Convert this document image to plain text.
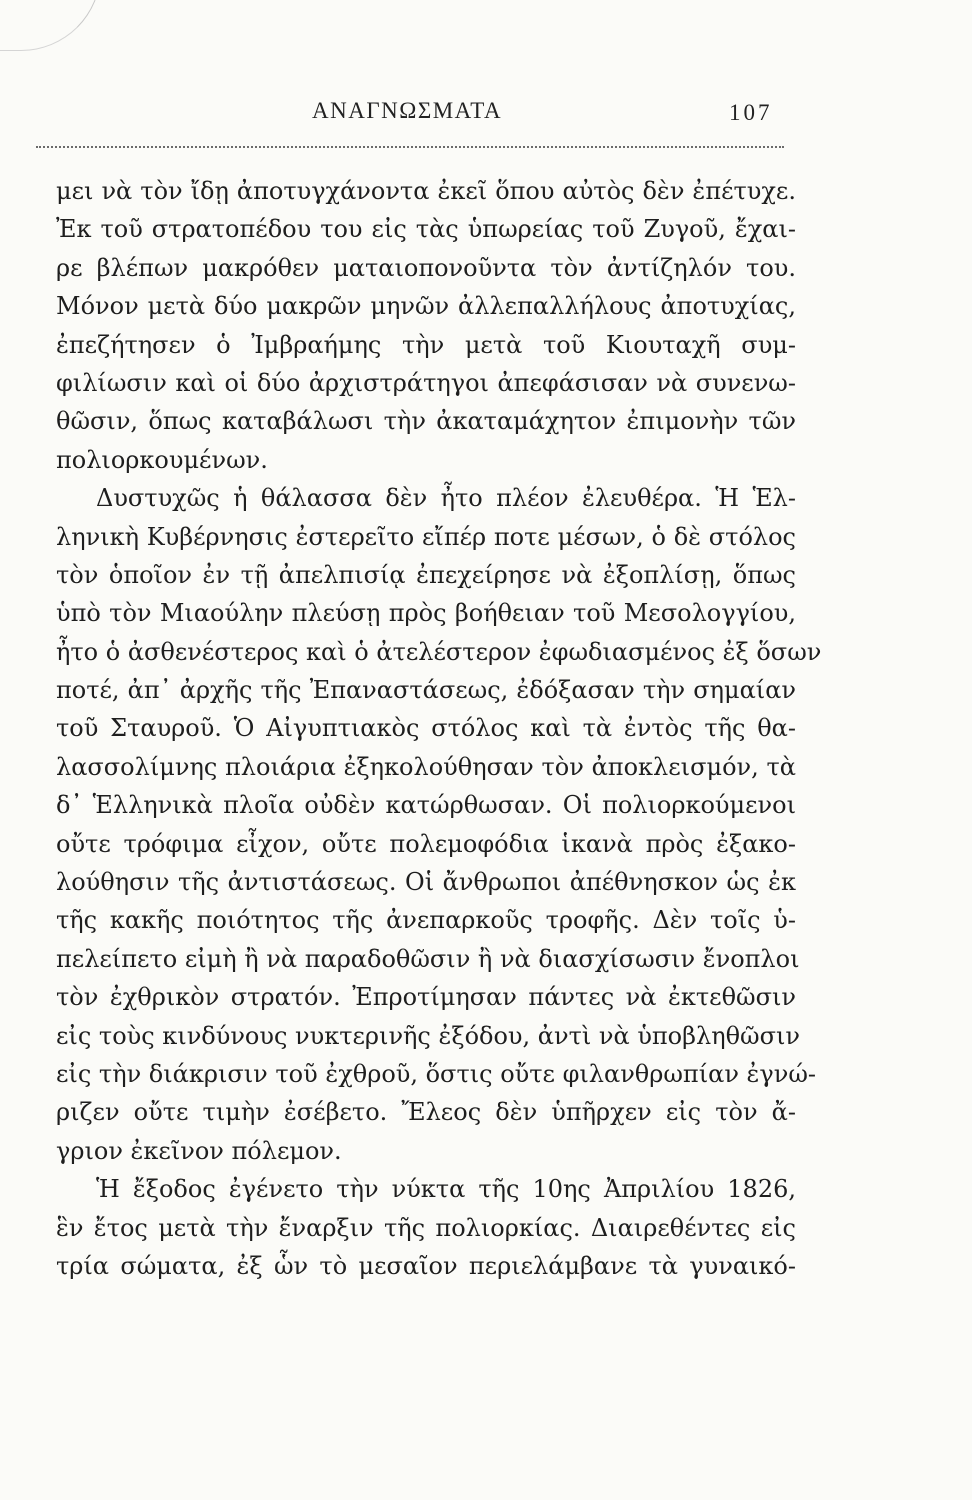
ΑΝΑΓΝΩΣΜΑΤΑ	107
μει νὰ τὸν ἴδῃ ἀποτυγχάνοντα ἐκεῖ ὅπου αὐτὸς δὲν ἐπέτυχε.
Ἐκ τοῦ στρατοπέδου του εἰς τὰς ὑπωρείας τοῦ Ζυγοῦ, ἔχαι-
ρε βλέπων μακρόθεν ματαιοπονοῦντα τὸν ἀντίζηλόν του.
Μόνον μετὰ δύο μακρῶν μηνῶν ἀλλεπαλλήλους ἀποτυχίας,
ἐπεζήτησεν ὁ Ἰμβραήμης τὴν μετὰ τοῦ Κιουταχῆ συμ-
φιλίωσιν καὶ οἱ δύο ἀρχιστράτηγοι ἀπεφάσισαν νὰ συνενω-
θῶσιν, ὅπως καταβάλωσι τὴν ἀκαταμάχητον ἐπιμονὴν τῶν
πολιορκουμένων.
Δυστυχῶς ἡ θάλασσα δὲν ἦτο πλέον ἐλευθέρα. Ἡ Ἑλ-
ληνικὴ Κυβέρνησις ἐστερεῖτο εἴπέρ ποτε μέσων, ὁ δὲ στόλος
τὸν ὁποῖον ἐν τῇ ἀπελπισίᾳ ἐπεχείρησε νὰ ἐξοπλίσῃ, ὅπως
ὑπὸ τὸν Μιαούλην πλεύσῃ πρὸς βοήθειαν τοῦ Μεσολογγίου,
ἦτο ὁ ἀσθενέστερος καὶ ὁ ἀτελέστερον ἐφωδιασμένος ἐξ ὅσων
ποτέ, ἀπ᾽ ἀρχῆς τῆς Ἐπαναστάσεως, ἐδόξασαν τὴν σημαίαν
τοῦ Σταυροῦ. Ὁ Αἰγυπτιακὸς στόλος καὶ τὰ ἐντὸς τῆς θα-
λασσολίμνης πλοιάρια ἐξηκολούθησαν τὸν ἀποκλεισμόν, τὰ
δ᾽ Ἑλληνικὰ πλοῖα οὐδὲν κατώρθωσαν. Οἱ πολιορκούμενοι
οὔτε τρόφιμα εἶχον, οὔτε πολεμοφόδια ἱκανὰ πρὸς ἐξακο-
λούθησιν τῆς ἀντιστάσεως. Οἱ ἄνθρωποι ἀπέθνησκον ὡς ἐκ
τῆς κακῆς ποιότητος τῆς ἀνεπαρκοῦς τροφῆς. Δὲν τοῖς ὑ-
πελείπετο εἰμὴ ἢ νὰ παραδοθῶσιν ἢ νὰ διασχίσωσιν ἔνοπλοι
τὸν ἐχθρικὸν στρατόν. Ἐπροτίμησαν πάντες νὰ ἐκτεθῶσιν
εἰς τοὺς κινδύνους νυκτερινῆς ἐξόδου, ἀντὶ νὰ ὑποβληθῶσιν
εἰς τὴν διάκρισιν τοῦ ἐχθροῦ, ὅστις οὔτε φιλανθρωπίαν ἐγνώ-
ριζεν οὔτε τιμὴν ἐσέβετο. Ἔλεος δὲν ὑπῆρχεν εἰς τὸν ἄ-
γριον ἐκεῖνον πόλεμον.
Ἡ ἔξοδος ἐγένετο τὴν νύκτα τῆς 10ης Ἀπριλίου 1826,
ἓν ἔτος μετὰ τὴν ἔναρξιν τῆς πολιορκίας. Διαιρεθέντες εἰς
τρία σώματα, ἐξ ὧν τὸ μεσαῖον περιελάμβανε τὰ γυναικό-
